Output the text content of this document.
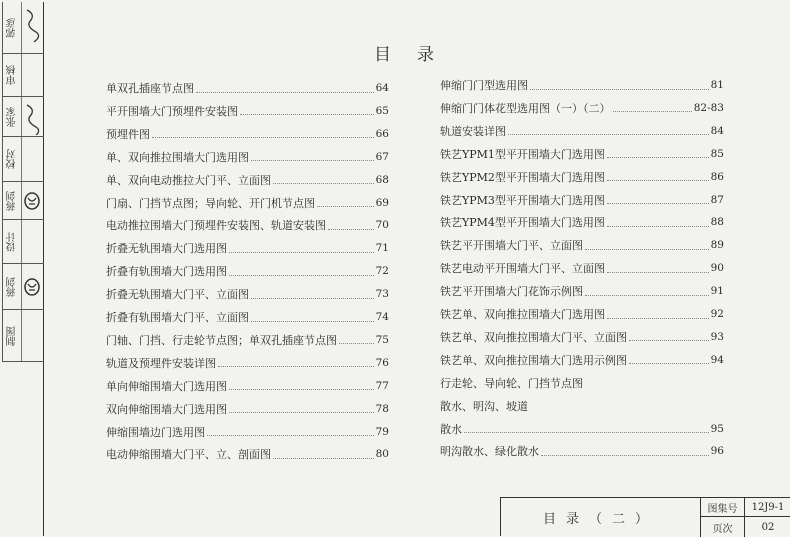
郭彦
审核
张家
校对
蒋剑
设计
蒋剑
制图
目录
单双孔插座节点图	64
平开围墙大门预埋件安装图	65
预埋件图	66
单、双向推拉围墙大门选用图	67
单、双向电动推拉大门平、立面图	68
门扇、门挡节点图；导向轮、开门机节点图	69
电动推拉围墙大门预埋件安装图、轨道安装图	70
折叠无轨围墙大门选用图	71
折叠有轨围墙大门选用图	72
折叠无轨围墙大门平、立面图	73
折叠有轨围墙大门平、立面图	74
门轴、门挡、行走轮节点图；单双孔插座节点图	75
轨道及预埋件安装详图	76
单向伸缩围墙大门选用图	77
双向伸缩围墙大门选用图	78
伸缩围墙边门选用图	79
电动伸缩围墙大门平、立、剖面图	80
伸缩门门型选用图	81
伸缩门门体花型选用图（一）（二）	82-83
轨道安装详图	84
铁艺YPM1型平开围墙大门选用图	85
铁艺YPM2型平开围墙大门选用图	86
铁艺YPM3型平开围墙大门选用图	87
铁艺YPM4型平开围墙大门选用图	88
铁艺平开围墙大门平、立面图	89
铁艺电动平开围墙大门平、立面图	90
铁艺平开围墙大门花饰示例图	91
铁艺单、双向推拉围墙大门选用图	92
铁艺单、双向推拉围墙大门平、立面图	93
铁艺单、双向推拉围墙大门选用示例图	94
行走轮、导向轮、门挡节点图
散水、明沟、坡道
散水	95
明沟散水、绿化散水	96
目录（二）
图集号	12J9-1
页次	02
